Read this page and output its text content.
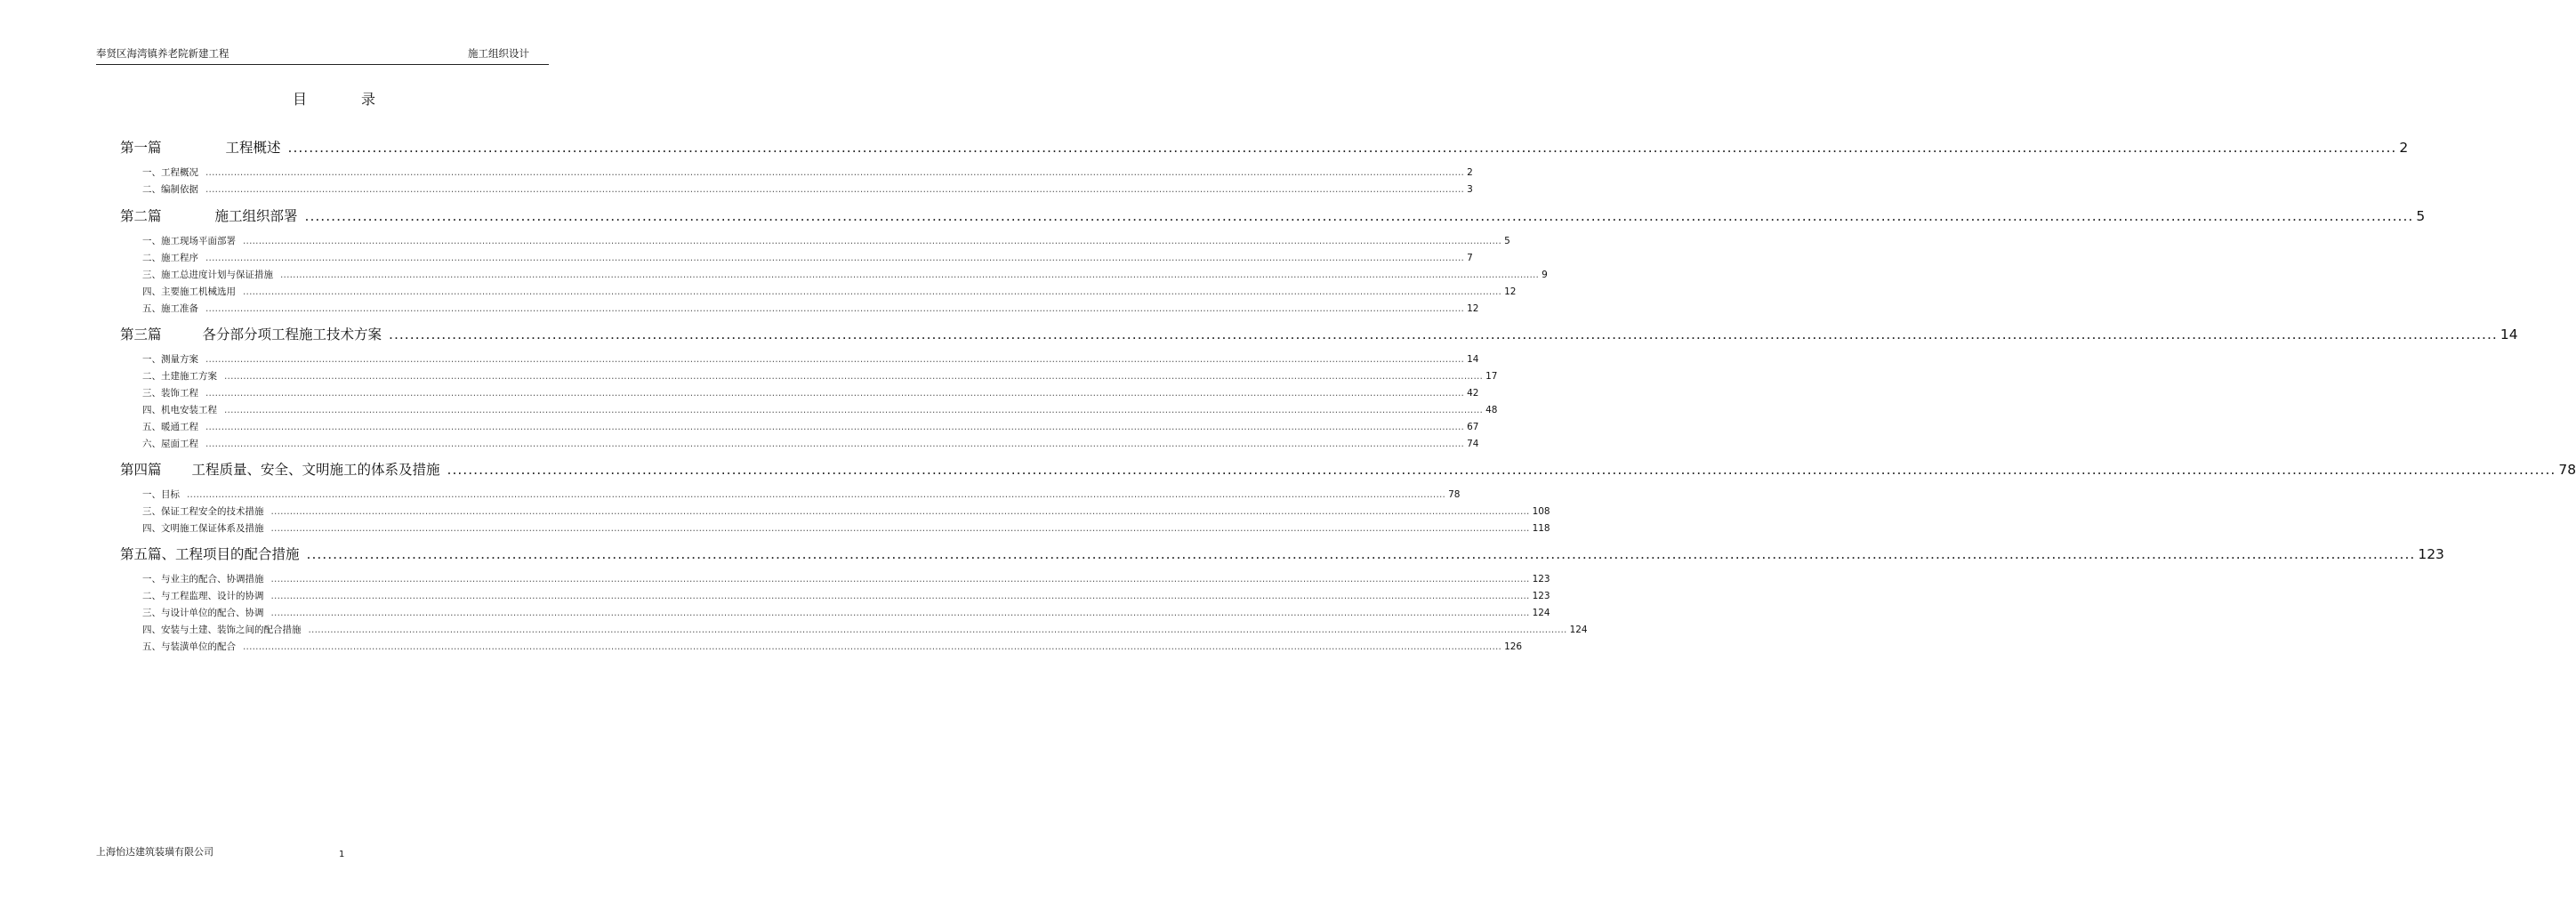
奉贤区海湾镇养老院新建工程	施工组织设计
目	录
第一篇	工程概述 ................................................................................................................................................................................................................................................................................................................................................................................................................ 2
一、工程概况 ................................................................................................................................................................................................................................................................................................................................................................................................................ 2
二、编制依据 ................................................................................................................................................................................................................................................................................................................................................................................................................ 3
第二篇	施工组织部署 ................................................................................................................................................................................................................................................................................................................................................................................................................ 5
一、施工现场平面部署 ................................................................................................................................................................................................................................................................................................................................................................................................................ 5
二、施工程序 ................................................................................................................................................................................................................................................................................................................................................................................................................ 7
三、施工总进度计划与保证措施 ................................................................................................................................................................................................................................................................................................................................................................................................................ 9
四、主要施工机械选用 ................................................................................................................................................................................................................................................................................................................................................................................................................ 12
五、施工准备 ................................................................................................................................................................................................................................................................................................................................................................................................................ 12
第三篇	各分部分项工程施工技术方案 ................................................................................................................................................................................................................................................................................................................................................................................................................ 14
一、测量方案 ................................................................................................................................................................................................................................................................................................................................................................................................................ 14
二、土建施工方案 ................................................................................................................................................................................................................................................................................................................................................................................................................ 17
三、装饰工程 ................................................................................................................................................................................................................................................................................................................................................................................................................ 42
四、机电安装工程 ................................................................................................................................................................................................................................................................................................................................................................................................................ 48
五、暖通工程 ................................................................................................................................................................................................................................................................................................................................................................................................................ 67
六、屋面工程 ................................................................................................................................................................................................................................................................................................................................................................................................................ 74
第四篇 工程质量、安全、文明施工的体系及措施 ................................................................................................................................................................................................................................................................................................................................................................................................................ 78
一、目标 ................................................................................................................................................................................................................................................................................................................................................................................................................ 78
三、保证工程安全的技术措施 ................................................................................................................................................................................................................................................................................................................................................................................................................ 108
四、文明施工保证体系及措施 ................................................................................................................................................................................................................................................................................................................................................................................................................ 118
第五篇、工程项目的配合措施 ................................................................................................................................................................................................................................................................................................................................................................................................................ 123
一、与业主的配合、协调措施 ................................................................................................................................................................................................................................................................................................................................................................................................................ 123
二、与工程监理、设计的协调 ................................................................................................................................................................................................................................................................................................................................................................................................................ 123
三、与设计单位的配合、协调 ................................................................................................................................................................................................................................................................................................................................................................................................................ 124
四、安装与土建、装饰之间的配合措施 ................................................................................................................................................................................................................................................................................................................................................................................................................ 124
五、与装潢单位的配合 ................................................................................................................................................................................................................................................................................................................................................................................................................ 126
上海怡达建筑装璜有限公司	1
